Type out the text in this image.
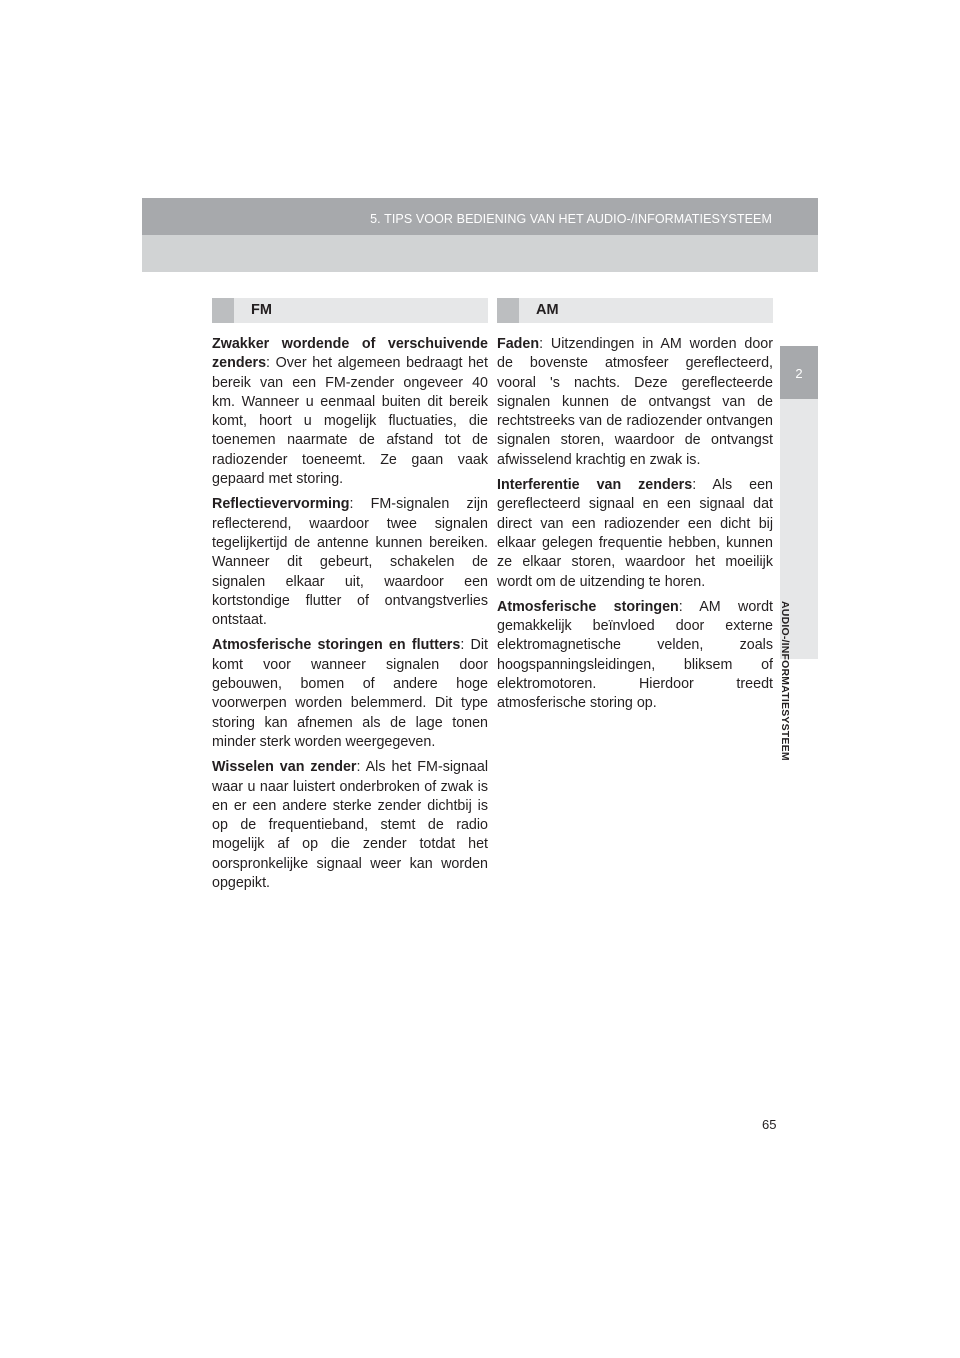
5. TIPS VOOR BEDIENING VAN HET AUDIO-/INFORMATIESYSTEEM
2
AUDIO-/INFORMATIESYSTEEM
FM

Zwakker wordende of verschuivende zenders: Over het algemeen bedraagt het bereik van een FM-zender ongeveer 40 km. Wanneer u eenmaal buiten dit bereik komt, hoort u mogelijk fluctuaties, die toenemen naarmate de afstand tot de radiozender toeneemt. Ze gaan vaak gepaard met storing.

Reflectievervorming: FM-signalen zijn reflecterend, waardoor twee signalen tegelijkertijd de antenne kunnen bereiken. Wanneer dit gebeurt, schakelen de signalen elkaar uit, waardoor een kortstondige flutter of ontvangstverlies ontstaat.

Atmosferische storingen en flutters: Dit komt voor wanneer signalen door gebouwen, bomen of andere hoge voorwerpen worden belemmerd. Dit type storing kan afnemen als de lage tonen minder sterk worden weergegeven.

Wisselen van zender: Als het FM-signaal waar u naar luistert onderbroken of zwak is en er een andere sterke zender dichtbij is op de frequentieband, stemt de radio mogelijk af op die zender totdat het oorspronkelijke signaal weer kan worden opgepikt.

AM

Faden: Uitzendingen in AM worden door de bovenste atmosfeer gereflecteerd, vooral 's nachts. Deze gereflecteerde signalen kunnen de ontvangst van de rechtstreeks van de radiozender ontvangen signalen storen, waardoor de ontvangst afwisselend krachtig en zwak is.

Interferentie van zenders: Als een gereflecteerd signaal en een signaal dat direct van een radiozender een dicht bij elkaar gelegen frequentie hebben, kunnen ze elkaar storen, waardoor het moeilijk wordt om de uitzending te horen.

Atmosferische storingen: AM wordt gemakkelijk beïnvloed door externe elektromagnetische velden, zoals hoogspanningsleidingen, bliksem of elektromotoren. Hierdoor treedt atmosferische storing op.

65
